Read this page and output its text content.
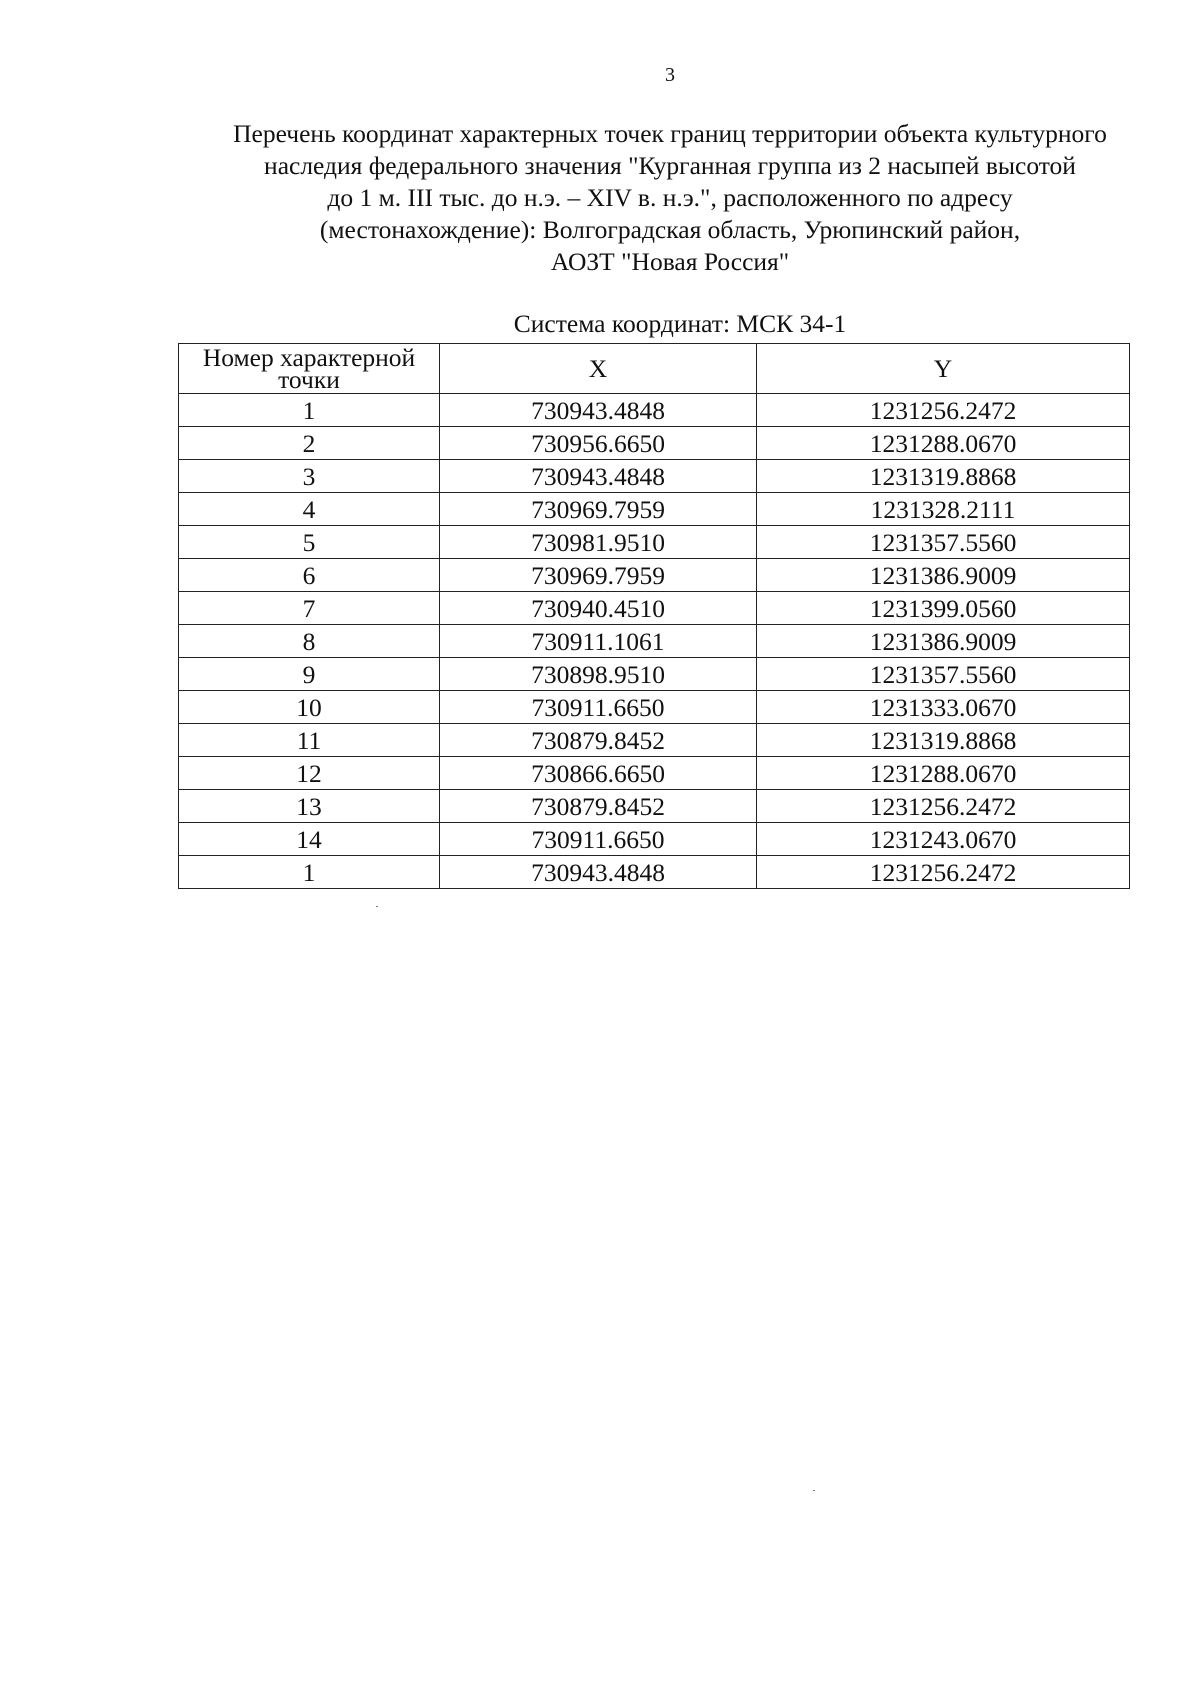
3
Перечень координат характерных точек границ территории объекта культурного
наследия федерального значения "Курганная группа из 2 насыпей высотой
до 1 м. III тыс. до н.э. – XIV в. н.э.", расположенного по адресу
(местонахождение): Волгоградская область, Урюпинский район,
АОЗТ "Новая Россия"
Система координат: МСК 34-1
Номер характерной точки	X	Y
1	730943.4848	1231256.2472
2	730956.6650	1231288.0670
3	730943.4848	1231319.8868
4	730969.7959	1231328.2111
5	730981.9510	1231357.5560
6	730969.7959	1231386.9009
7	730940.4510	1231399.0560
8	730911.1061	1231386.9009
9	730898.9510	1231357.5560
10	730911.6650	1231333.0670
11	730879.8452	1231319.8868
12	730866.6650	1231288.0670
13	730879.8452	1231256.2472
14	730911.6650	1231243.0670
1	730943.4848	1231256.2472
